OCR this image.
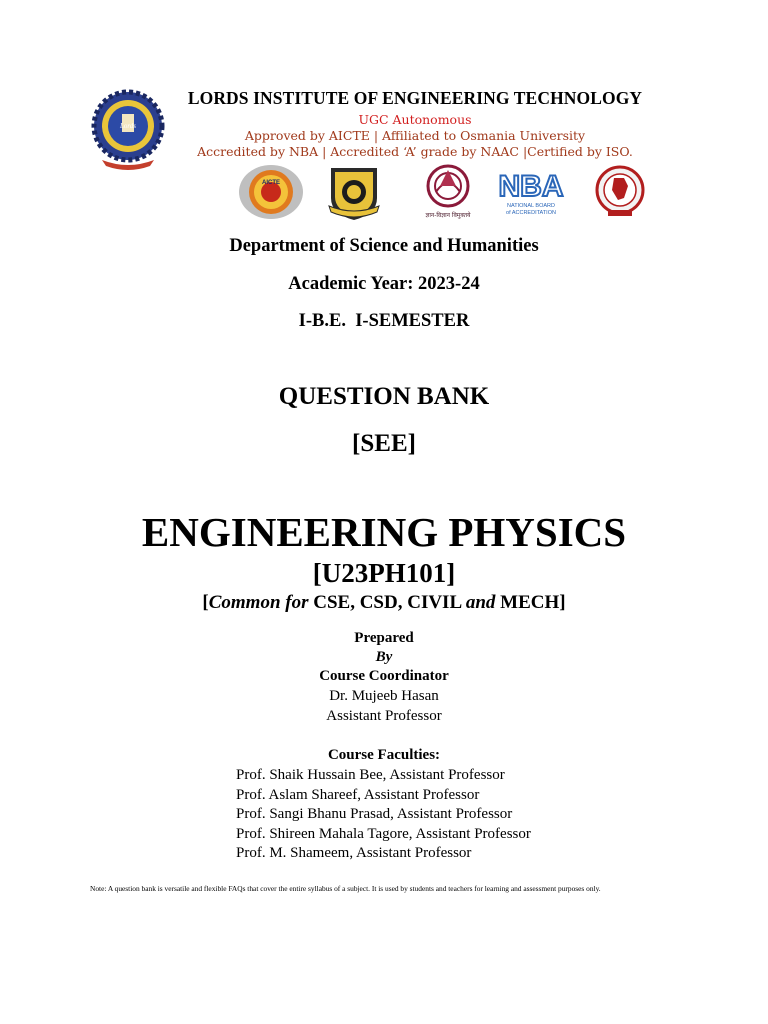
Lords
LORDS INSTITUTE OF ENGINEERING TECHNOLOGY
UGC Autonomous
Approved by AICTE | Affiliated to Osmania University
Accredited by NBA | Accredited ‘A’ grade by NAAC |Certified by ISO.
AICTE
ज्ञान-विज्ञान विमुक्तये
NBA
NATIONAL BOARD
of ACCREDITATION
Department of Science and Humanities
Academic Year: 2023-24
I-B.E.  I-SEMESTER
QUESTION BANK
[SEE]
ENGINEERING PHYSICS
[U23PH101]
[Common for CSE, CSD, CIVIL and MECH]
Prepared
By
Course Coordinator
Dr. Mujeeb Hasan
Assistant Professor
Course Faculties:
Prof. Shaik Hussain Bee, Assistant Professor
Prof. Aslam Shareef, Assistant Professor
Prof. Sangi Bhanu Prasad, Assistant Professor
Prof. Shireen Mahala Tagore, Assistant Professor
Prof. M. Shameem, Assistant Professor
Note: A question bank is versatile and flexible FAQs that cover the entire syllabus of a subject. It is used by students and teachers for learning and assessment purposes only.
